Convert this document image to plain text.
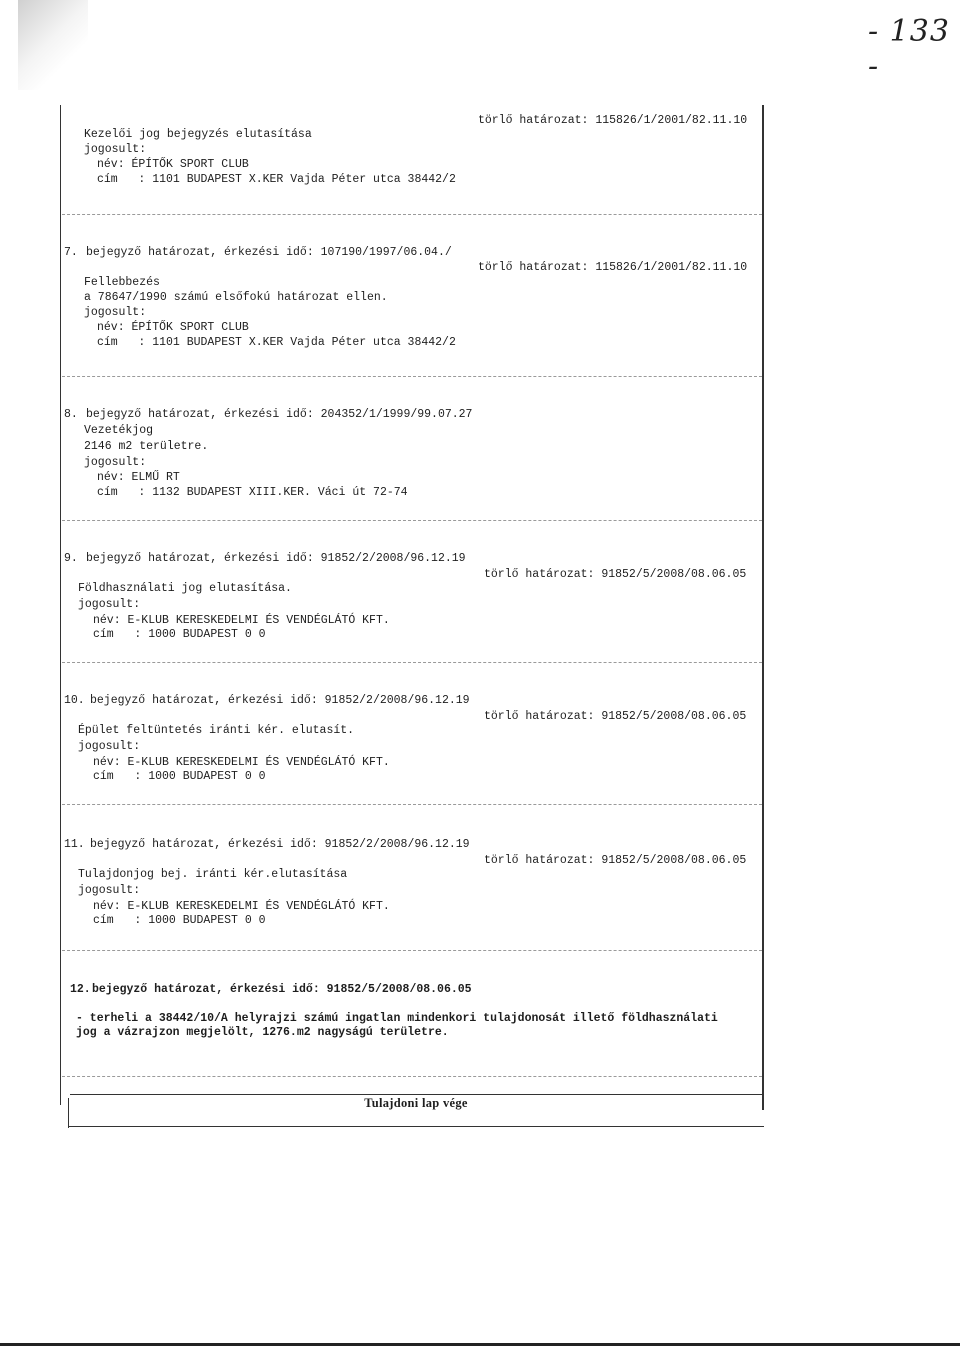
- 133 -
törlő határozat: 115826/1/2001/82.11.10
Kezelői jog bejegyzés elutasítása
jogosult:
név: ÉPÍTŐK SPORT CLUB
cím   : 1101 BUDAPEST X.KER Vajda Péter utca 38442/2
7. bejegyző határozat, érkezési idő: 107190/1997/06.04./
törlő határozat: 115826/1/2001/82.11.10
Fellebbezés
a 78647/1990 számú elsőfokú határozat ellen.
jogosult:
név: ÉPÍTŐK SPORT CLUB
cím   : 1101 BUDAPEST X.KER Vajda Péter utca 38442/2
8. bejegyző határozat, érkezési idő: 204352/1/1999/99.07.27
Vezetékjog
2146 m2 területre.
jogosult:
név: ELMŰ RT
cím   : 1132 BUDAPEST XIII.KER. Váci út 72-74
9. bejegyző határozat, érkezési idő: 91852/2/2008/96.12.19
törlő határozat: 91852/5/2008/08.06.05
Földhasználati jog elutasítása.
jogosult:
név: E-KLUB KERESKEDELMI ÉS VENDÉGLÁTÓ KFT.
cím   : 1000 BUDAPEST 0 0
10. bejegyző határozat, érkezési idő: 91852/2/2008/96.12.19
törlő határozat: 91852/5/2008/08.06.05
Épület feltüntetés iránti kér. elutasít.
jogosult:
név: E-KLUB KERESKEDELMI ÉS VENDÉGLÁTÓ KFT.
cím   : 1000 BUDAPEST 0 0
11. bejegyző határozat, érkezési idő: 91852/2/2008/96.12.19
törlő határozat: 91852/5/2008/08.06.05
Tulajdonjog bej. iránti kér.elutasítása
jogosult:
név: E-KLUB KERESKEDELMI ÉS VENDÉGLÁTÓ KFT.
cím   : 1000 BUDAPEST 0 0
12. bejegyző határozat, érkezési idő: 91852/5/2008/08.06.05
- terheli a 38442/10/A helyrajzi számú ingatlan mindenkori tulajdonosát illető földhasználati
jog a vázrajzon megjelölt, 1276.m2 nagyságú területre.
Tulajdoni lap vége
